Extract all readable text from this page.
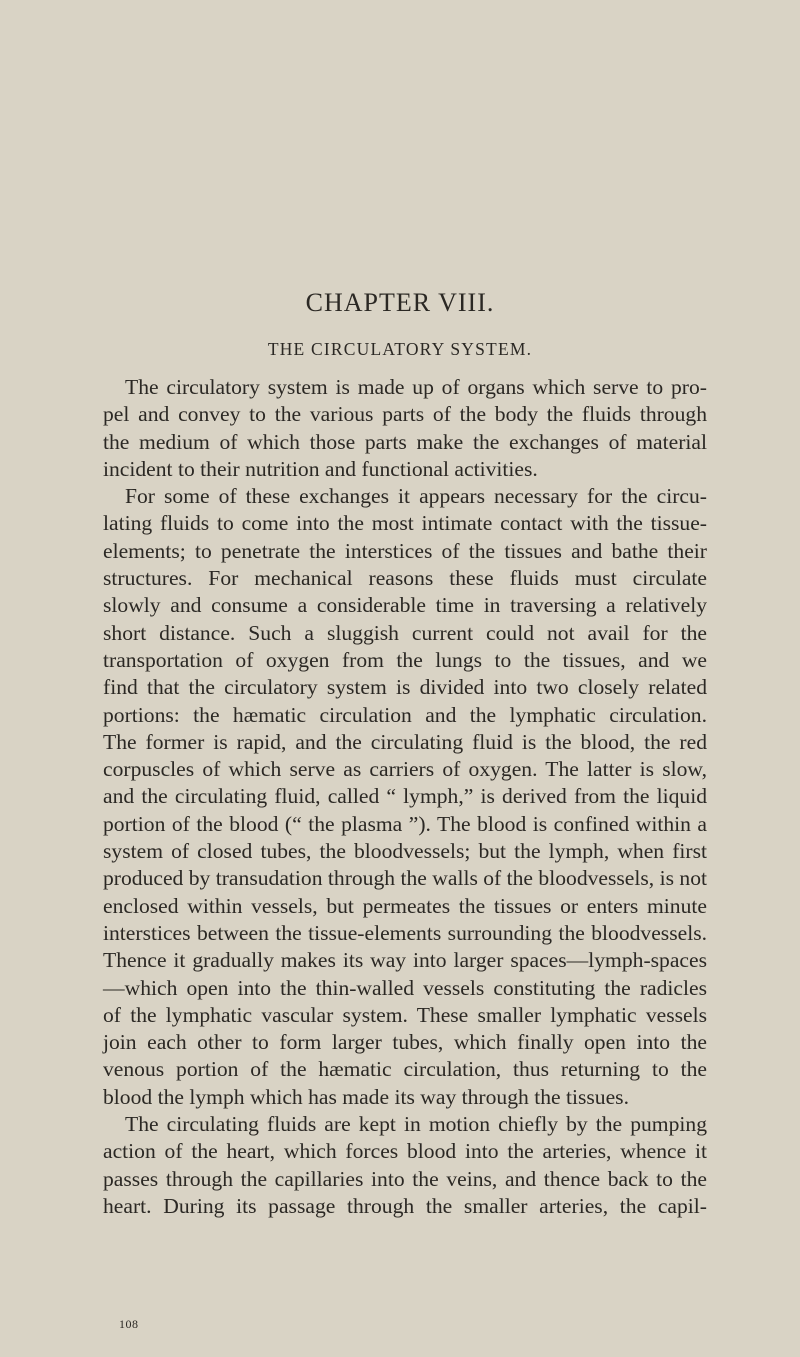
CHAPTER VIII.
THE CIRCULATORY SYSTEM.
The circulatory system is made up of organs which serve to pro-
pel and convey to the various parts of the body the fluids through
the medium of which those parts make the exchanges of material
incident to their nutrition and functional activities.
For some of these exchanges it appears necessary for the circu-
lating fluids to come into the most intimate contact with the tissue-
elements; to penetrate the interstices of the tissues and bathe their
structures. For mechanical reasons these fluids must circulate
slowly and consume a considerable time in traversing a relatively
short distance. Such a sluggish current could not avail for the
transportation of oxygen from the lungs to the tissues, and we
find that the circulatory system is divided into two closely related
portions: the hæmatic circulation and the lymphatic circulation.
The former is rapid, and the circulating fluid is the blood, the red
corpuscles of which serve as carriers of oxygen. The latter is slow,
and the circulating fluid, called “ lymph,” is derived from the liquid
portion of the blood (“ the plasma ”). The blood is confined within a
system of closed tubes, the bloodvessels; but the lymph, when first
produced by transudation through the walls of the bloodvessels, is not
enclosed within vessels, but permeates the tissues or enters minute
interstices between the tissue-elements surrounding the bloodvessels.
Thence it gradually makes its way into larger spaces—lymph-spaces
—which open into the thin-walled vessels constituting the radicles
of the lymphatic vascular system. These smaller lymphatic vessels
join each other to form larger tubes, which finally open into the
venous portion of the hæmatic circulation, thus returning to the
blood the lymph which has made its way through the tissues.
The circulating fluids are kept in motion chiefly by the pumping
action of the heart, which forces blood into the arteries, whence it
passes through the capillaries into the veins, and thence back to the
heart. During its passage through the smaller arteries, the capil-
108
